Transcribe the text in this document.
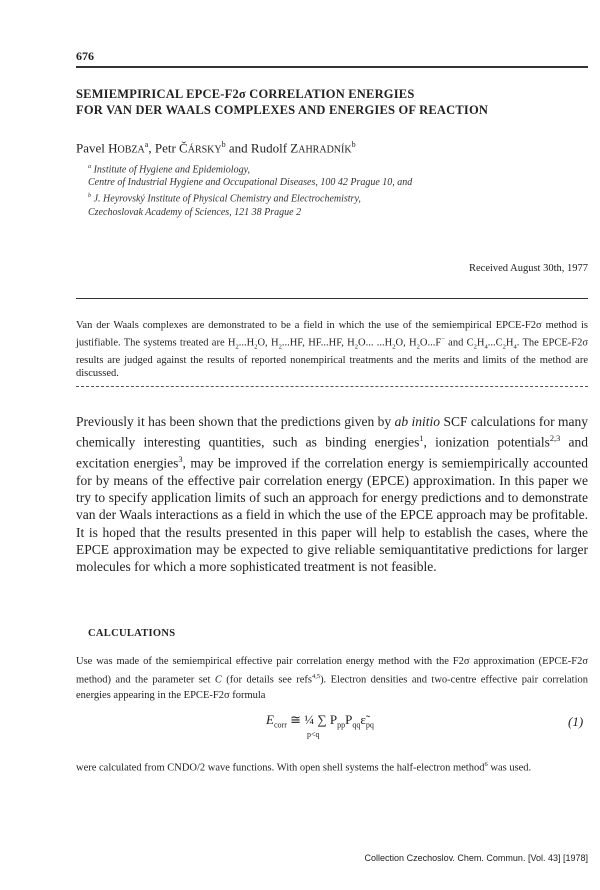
676
SEMIEMPIRICAL EPCE-F2σ CORRELATION ENERGIES
FOR VAN DER WAALS COMPLEXES AND ENERGIES OF REACTION
Pavel HOBZA$^a$, Petr ČÁRSKY$^b$ and Rudolf ZAHRADNÍK$^b$
$^a$ Institute of Hygiene and Epidemiology,
Centre of Industrial Hygiene and Occupational Diseases, 100 42 Prague 10, and
$^b$ J. Heyrovský Institute of Physical Chemistry and Electrochemistry,
Czechoslovak Academy of Sciences, 121 38 Prague 2
Received August 30th, 1977
Van der Waals complexes are demonstrated to be a field in which the use of the semiempirical EPCE-F2σ method is justifiable. The systems treated are $H_2...H_2O$, $H_2...HF$, HF...HF, $H_2O$... $...H_2O$, $H_2O...F^-$ and $C_2H_4...C_2H_4$. The EPCE-F2σ results are judged against the results of reported nonempirical treatments and the merits and limits of the method are discussed.
Previously it has been shown that the predictions given by ab initio SCF calculations for many chemically interesting quantities, such as binding energies$^1$, ionization potentials$^{2,3}$ and excitation energies$^3$, may be improved if the correlation energy is semiempirically accounted for by means of the effective pair correlation energy (EPCE) approximation. In this paper we try to specify application limits of such an approach for energy predictions and to demonstrate van der Waals interactions as a field in which the use of the EPCE approach may be profitable. It is hoped that the results presented in this paper will help to establish the cases, where the EPCE approximation may be expected to give reliable semiquantitative predictions for larger molecules for which a more sophisticated treatment is not feasible.
CALCULATIONS
Use was made of the semiempirical effective pair correlation energy method with the F2σ approximation (EPCE-F2σ method) and the parameter set C (for details see refs$^{4,5}$). Electron densities and two-centre effective pair correlation energies appearing in the EPCE-F2σ formula
$E_{corr}$ ≅ ¼ ∑ $P_{pp}P_{qq}\varepsiloñ_{pq}$
p<q
(1)
were calculated from CNDO/2 wave functions. With open shell systems the half-electron method$^6$ was used.
Collection Czechoslov. Chem. Commun. [Vol. 43] [1978]
